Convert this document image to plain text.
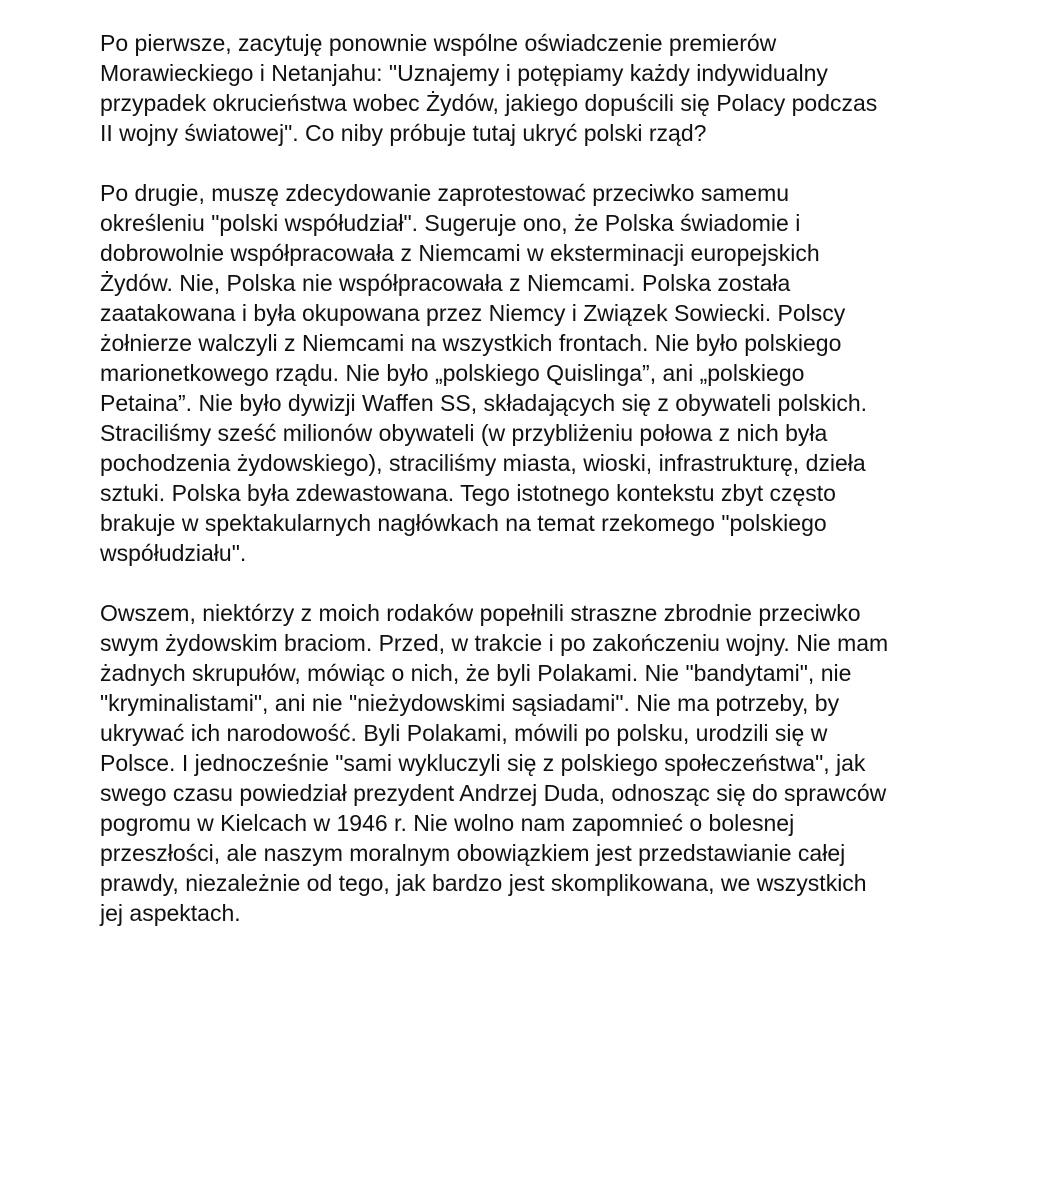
Po pierwsze, zacytuję ponownie wspólne oświadczenie premierów
Morawieckiego i Netanjahu: "Uznajemy i potępiamy każdy indywidualny
przypadek okrucieństwa wobec Żydów, jakiego dopuścili się Polacy podczas
II wojny światowej". Co niby próbuje tutaj ukryć polski rząd?

Po drugie, muszę zdecydowanie zaprotestować przeciwko samemu
określeniu "polski współudział". Sugeruje ono, że Polska świadomie i
dobrowolnie współpracowała z Niemcami w eksterminacji europejskich
Żydów. Nie, Polska nie współpracowała z Niemcami. Polska została
zaatakowana i była okupowana przez Niemcy i Związek Sowiecki. Polscy
żołnierze walczyli z Niemcami na wszystkich frontach. Nie było polskiego
marionetkowego rządu. Nie było „polskiego Quislinga”, ani „polskiego
Petaina”. Nie było dywizji Waffen SS, składających się z obywateli polskich.
Straciliśmy sześć milionów obywateli (w przybliżeniu połowa z nich była
pochodzenia żydowskiego), straciliśmy miasta, wioski, infrastrukturę, dzieła
sztuki. Polska była zdewastowana. Tego istotnego kontekstu zbyt często
brakuje w spektakularnych nagłówkach na temat rzekomego "polskiego
współudziału".

Owszem, niektórzy z moich rodaków popełnili straszne zbrodnie przeciwko
swym żydowskim braciom. Przed, w trakcie i po zakończeniu wojny. Nie mam
żadnych skrupułów, mówiąc o nich, że byli Polakami. Nie "bandytami", nie
"kryminalistami", ani nie "nieżydowskimi sąsiadami". Nie ma potrzeby, by
ukrywać ich narodowość. Byli Polakami, mówili po polsku, urodzili się w
Polsce. I jednocześnie "sami wykluczyli się z polskiego społeczeństwa", jak
swego czasu powiedział prezydent Andrzej Duda, odnosząc się do sprawców
pogromu w Kielcach w 1946 r. Nie wolno nam zapomnieć o bolesnej
przeszłości, ale naszym moralnym obowiązkiem jest przedstawianie całej
prawdy, niezależnie od tego, jak bardzo jest skomplikowana, we wszystkich
jej aspektach.
